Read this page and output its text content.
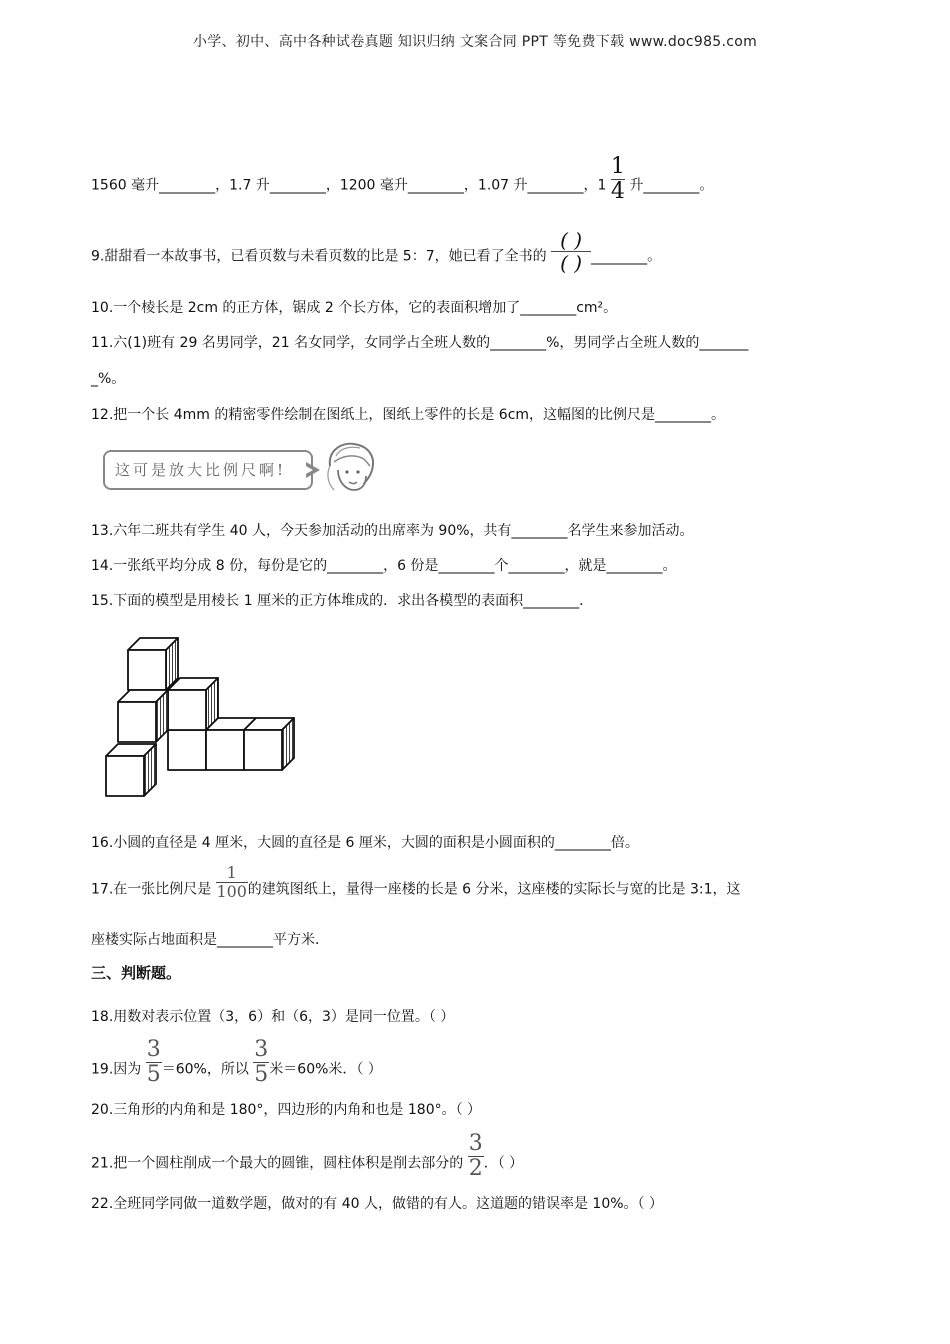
小学、初中、高中各种试卷真题 知识归纳 文案合同 PPT 等免费下载 www.doc985.com
1560 毫升________，1.7 升________，1200 毫升________，1.07 升________，$1 \frac{1}{4}$ 升________。
9.甜甜看一本故事书，已看页数与未看页数的比是 5：7，她已看了全书的 $\frac{( )}{( )}$ ________。
10.一个棱长是 2cm 的正方体，锯成 2 个长方体，它的表面积增加了________cm²。
11.六(1)班有 29 名男同学，21 名女同学，女同学占全班人数的________%，男同学占全班人数的_______
_%。
12.把一个长 4mm 的精密零件绘制在图纸上，图纸上零件的长是 6cm，这幅图的比例尺是________。
这可是放大比例尺啊!
13.六年二班共有学生 40 人，今天参加活动的出席率为 90%，共有________名学生来参加活动。
14.一张纸平均分成 8 份，每份是它的________，6 份是________个________，就是________。
15.下面的模型是用棱长 1 厘米的正方体堆成的．求出各模型的表面积________．
16.小圆的直径是 4 厘米，大圆的直径是 6 厘米，大圆的面积是小圆面积的________倍。
17.在一张比例尺是 $\frac{1}{100}$ 的建筑图纸上，量得一座楼的长是 6 分米，这座楼的实际长与宽的比是 3:1，这
座楼实际占地面积是________平方米．
三、判断题。
18.用数对表示位置（3，6）和（6，3）是同一位置。（ ）
19.因为 $\frac{3}{5} =60\%$，所以 $\frac{3}{5}$ 米＝60%米．（ ）
20.三角形的内角和是 180°，四边形的内角和也是 180°。（ ）
21.把一个圆柱削成一个最大的圆锥，圆柱体积是削去部分的 $\frac{3}{2}$ ．（ ）
22.全班同学同做一道数学题，做对的有 40 人，做错的有人。这道题的错误率是 10%。（ ）
